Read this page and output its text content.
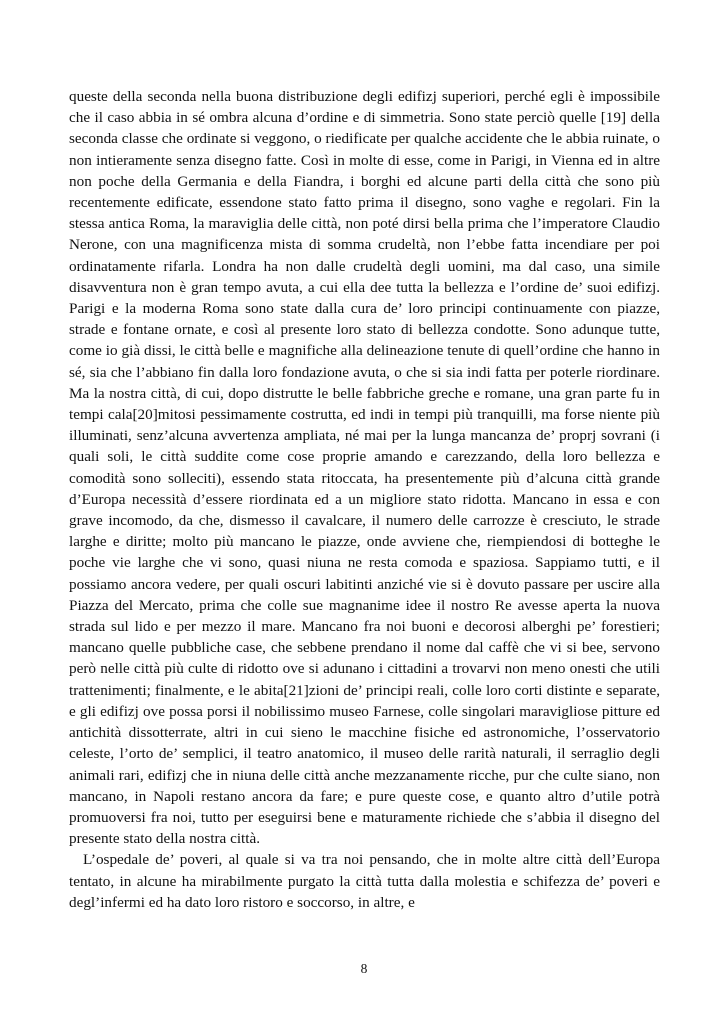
queste della seconda nella buona distribuzione degli edifizj superiori, perché egli è impossibile che il caso abbia in sé ombra alcuna d’ordine e di simmetria. Sono state perciò quelle [19] della seconda classe che ordinate si veggono, o riedificate per qualche accidente che le abbia ruinate, o non intieramente senza disegno fatte. Così in molte di esse, come in Parigi, in Vienna ed in altre non poche della Germania e della Fiandra, i borghi ed alcune parti della città che sono più recentemente edificate, essendone stato fatto prima il disegno, sono vaghe e regolari. Fin la stessa antica Roma, la maraviglia delle città, non poté dirsi bella prima che l’imperatore Claudio Nerone, con una magnificenza mista di somma crudeltà, non l’ebbe fatta incendiare per poi ordinatamente rifarla. Londra ha non dalle crudeltà degli uomini, ma dal caso, una simile disavventura non è gran tempo avuta, a cui ella dee tutta la bellezza e l’ordine de’ suoi edifizj. Parigi e la moderna Roma sono state dalla cura de’ loro principi continuamente con piazze, strade e fontane ornate, e così al presente loro stato di bellezza condotte. Sono adunque tutte, come io già dissi, le città belle e magnifiche alla delineazione tenute di quell’ordine che hanno in sé, sia che l’abbiano fin dalla loro fondazione avuta, o che si sia indi fatta per poterle riordinare. Ma la nostra città, di cui, dopo distrutte le belle fabbriche greche e romane, una gran parte fu in tempi cala[20]mitosi pessimamente costrutta, ed indi in tempi più tranquilli, ma forse niente più illuminati, senz’alcuna avvertenza ampliata, né mai per la lunga mancanza de’ proprj sovrani (i quali soli, le città suddite come cose proprie amando e carezzando, della loro bellezza e comodità sono solleciti), essendo stata ritoccata, ha presentemente più d’alcuna città grande d’Europa necessità d’essere riordinata ed a un migliore stato ridotta. Mancano in essa e con grave incomodo, da che, dismesso il cavalcare, il numero delle carrozze è cresciuto, le strade larghe e diritte; molto più mancano le piazze, onde avviene che, riempiendosi di botteghe le poche vie larghe che vi sono, quasi niuna ne resta comoda e spaziosa. Sappiamo tutti, e il possiamo ancora vedere, per quali oscuri labitinti anziché vie si è dovuto passare per uscire alla Piazza del Mercato, prima che colle sue magnanime idee il nostro Re avesse aperta la nuova strada sul lido e per mezzo il mare. Mancano fra noi buoni e decorosi alberghi pe’ forestieri; mancano quelle pubbliche case, che sebbene prendano il nome dal caffè che vi si bee, servono però nelle città più culte di ridotto ove si adunano i cittadini a trovarvi non meno onesti che utili trattenimenti; finalmente, e le abita[21]zioni de’ principi reali, colle loro corti distinte e separate, e gli edifizj ove possa porsi il nobilissimo museo Farnese, colle singolari maravigliose pitture ed antichità dissotterrate, altri in cui sieno le macchine fisiche ed astronomiche, l’osservatorio celeste, l’orto de’ semplici, il teatro anatomico, il museo delle rarità naturali, il serraglio degli animali rari, edifizj che in niuna delle città anche mezzanamente ricche, pur che culte siano, non mancano, in Napoli restano ancora da fare; e pure queste cose, e quanto altro d’utile potrà promuoversi fra noi, tutto per eseguirsi bene e maturamente richiede che s’abbia il disegno del presente stato della nostra città.

L’ospedale de’ poveri, al quale si va tra noi pensando, che in molte altre città dell’Europa tentato, in alcune ha mirabilmente purgato la città tutta dalla molestia e schifezza de’ poveri e degl’infermi ed ha dato loro ristoro e soccorso, in altre, e

8
